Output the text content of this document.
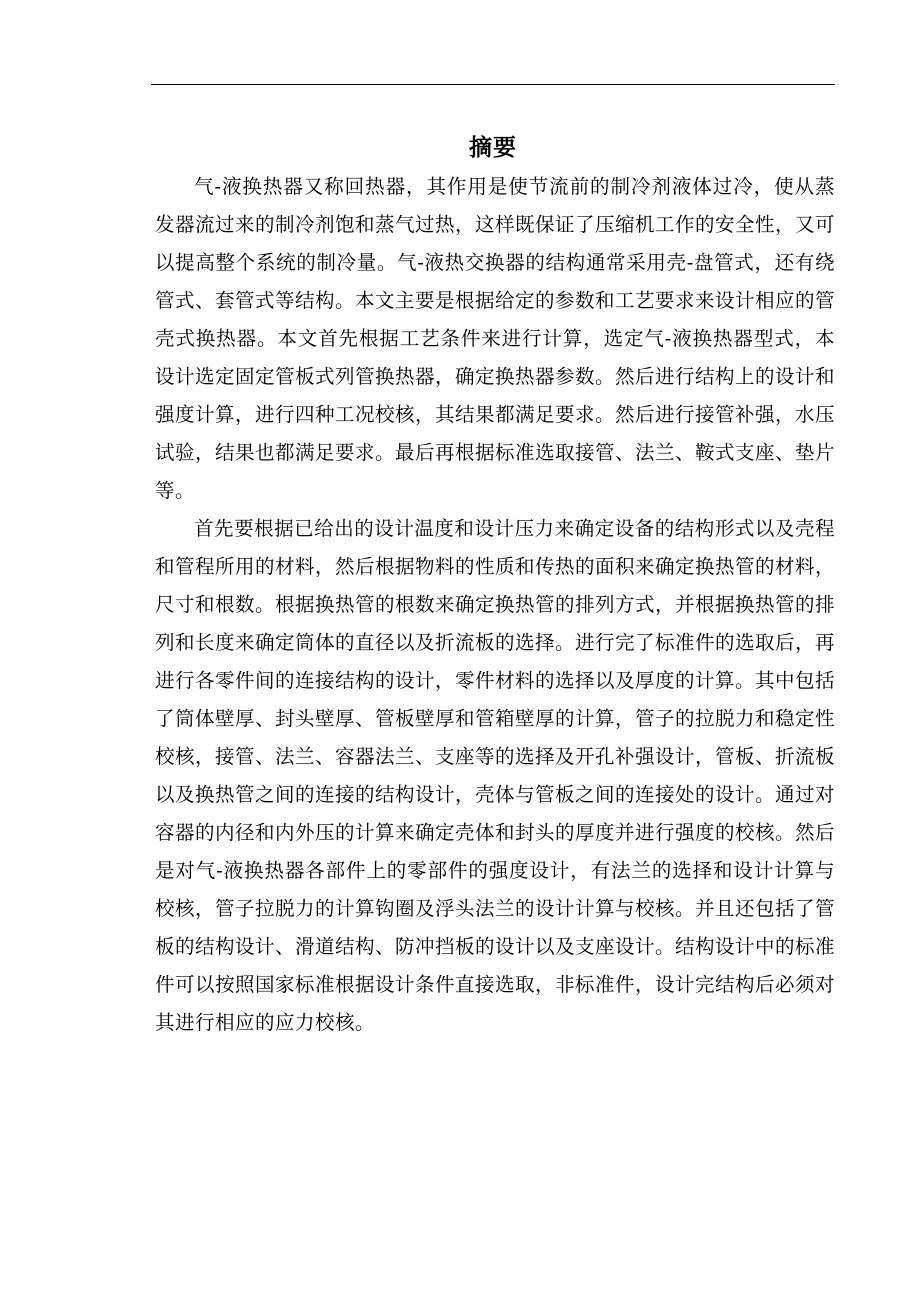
摘要

气-液换热器又称回热器，其作用是使节流前的制冷剂液体过冷，使从蒸发器流过来的制冷剂饱和蒸气过热，这样既保证了压缩机工作的安全性，又可以提高整个系统的制冷量。气-液热交换器的结构通常采用壳-盘管式，还有绕管式、套管式等结构。本文主要是根据给定的参数和工艺要求来设计相应的管壳式换热器。本文首先根据工艺条件来进行计算，选定气-液换热器型式，本设计选定固定管板式列管换热器，确定换热器参数。然后进行结构上的设计和强度计算，进行四种工况校核，其结果都满足要求。然后进行接管补强，水压试验，结果也都满足要求。最后再根据标准选取接管、法兰、鞍式支座、垫片等。

首先要根据已给出的设计温度和设计压力来确定设备的结构形式以及壳程和管程所用的材料，然后根据物料的性质和传热的面积来确定换热管的材料，尺寸和根数。根据换热管的根数来确定换热管的排列方式，并根据换热管的排列和长度来确定筒体的直径以及折流板的选择。进行完了标准件的选取后，再进行各零件间的连接结构的设计，零件材料的选择以及厚度的计算。其中包括了筒体壁厚、封头壁厚、管板壁厚和管箱壁厚的计算，管子的拉脱力和稳定性校核，接管、法兰、容器法兰、支座等的选择及开孔补强设计，管板、折流板以及换热管之间的连接的结构设计，壳体与管板之间的连接处的设计。通过对容器的内径和内外压的计算来确定壳体和封头的厚度并进行强度的校核。然后是对气-液换热器各部件上的零部件的强度设计，有法兰的选择和设计计算与校核，管子拉脱力的计算钩圈及浮头法兰的设计计算与校核。并且还包括了管板的结构设计、滑道结构、防冲挡板的设计以及支座设计。结构设计中的标准件可以按照国家标准根据设计条件直接选取，非标准件，设计完结构后必须对其进行相应的应力校核。
